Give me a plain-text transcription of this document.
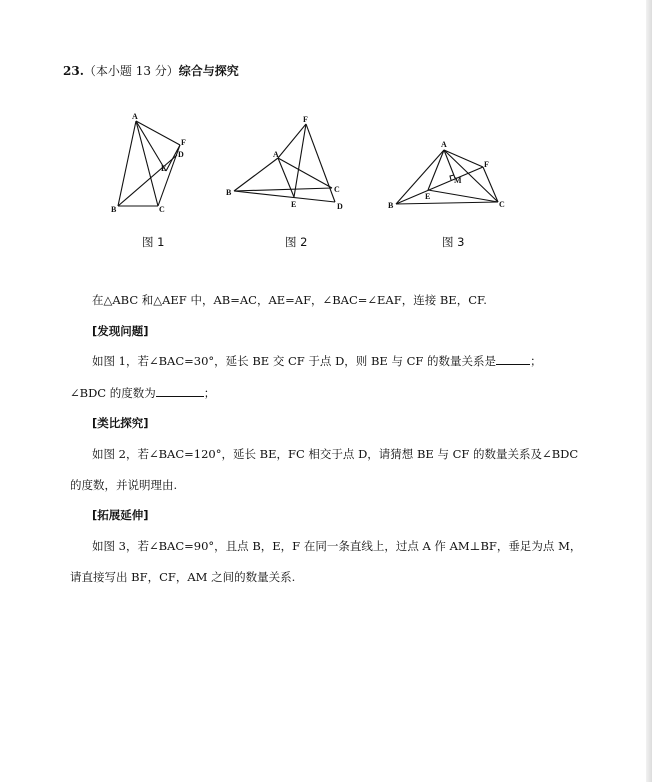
23.（本小题 13 分）综合与探究
A
F
D
E
B	C
F
A
B	C
E	D
A
F
M
E
B	C
图 1	图 2	图 3
在△ABC 和△AEF 中，AB=AC，AE=AF，∠BAC=∠EAF，连接 BE，CF.
[发现问题]
如图 1，若∠BAC=30°，延长 BE 交 CF 于点 D，则 BE 与 CF 的数量关系是	；
∠BDC 的度数为	；
[类比探究]
如图 2，若∠BAC=120°，延长 BE，FC 相交于点 D，请猜想 BE 与 CF 的数量关系及∠BDC
的度数，并说明理由.
[拓展延伸]
如图 3，若∠BAC=90°，且点 B，E，F 在同一条直线上，过点 A 作 AM⊥BF，垂足为点 M，
请直接写出 BF，CF，AM 之间的数量关系.
